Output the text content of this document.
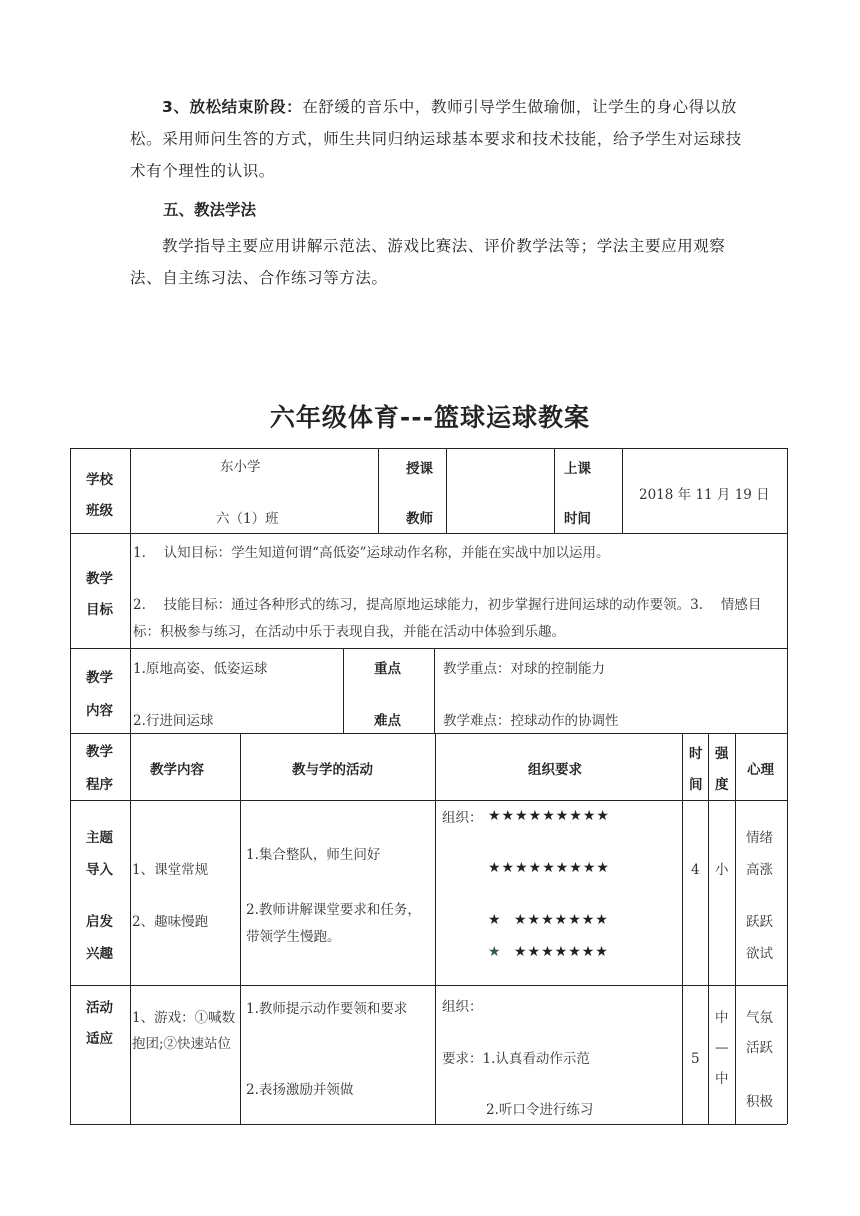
3、放松结束阶段：在舒缓的音乐中，教师引导学生做瑜伽，让学生的身心得以放松。采用师问生答的方式，师生共同归纳运球基本要求和技术技能，给予学生对运球技术有个理性的认识。

五、教法学法

教学指导主要应用讲解示范法、游戏比赛法、评价教学法等；学法主要应用观察法、自主练习法、合作练习等方法。

六年级体育---篮球运球教案
学校
班级
东小学
六（1）班
授课
教师
上课
时间
2018 年 11 月 19 日
教学
目标
1.　 认知目标：学生知道何谓“高低姿”运球动作名称，并能在实战中加以运用。
2.　 技能目标：通过各种形式的练习，提高原地运球能力，初步掌握行进间运球的动作要领。3.　 情感目标：积极参与练习，在活动中乐于表现自我，并能在活动中体验到乐趣。
教学
内容
1.原地高姿、低姿运球
2.行进间运球
重点
难点
教学重点：对球的控制能力
教学难点：控球动作的协调性
教学
程序
教学内容	教与学的活动	组织要求
时
间
强
度
心理
主题
导入
启发
兴趣
1、课堂常规
2、趣味慢跑
1.集合整队，师生问好
2.教师讲解课堂要求和任务，带领学生慢跑。
组织： ★★★★★★★★★
★★★★★★★★★
★ ★★★★★★★
★ ★★★★★★★
4 小
情绪
高涨
跃跃
欲试
活动
适应
1、游戏：①喊数抱团;②快速站位
1.教师提示动作要领和要求
2.表扬激励并领做
组织：
要求：1.认真看动作示范
2.听口令进行练习
5
中
—
中
气氛
活跃
积极
